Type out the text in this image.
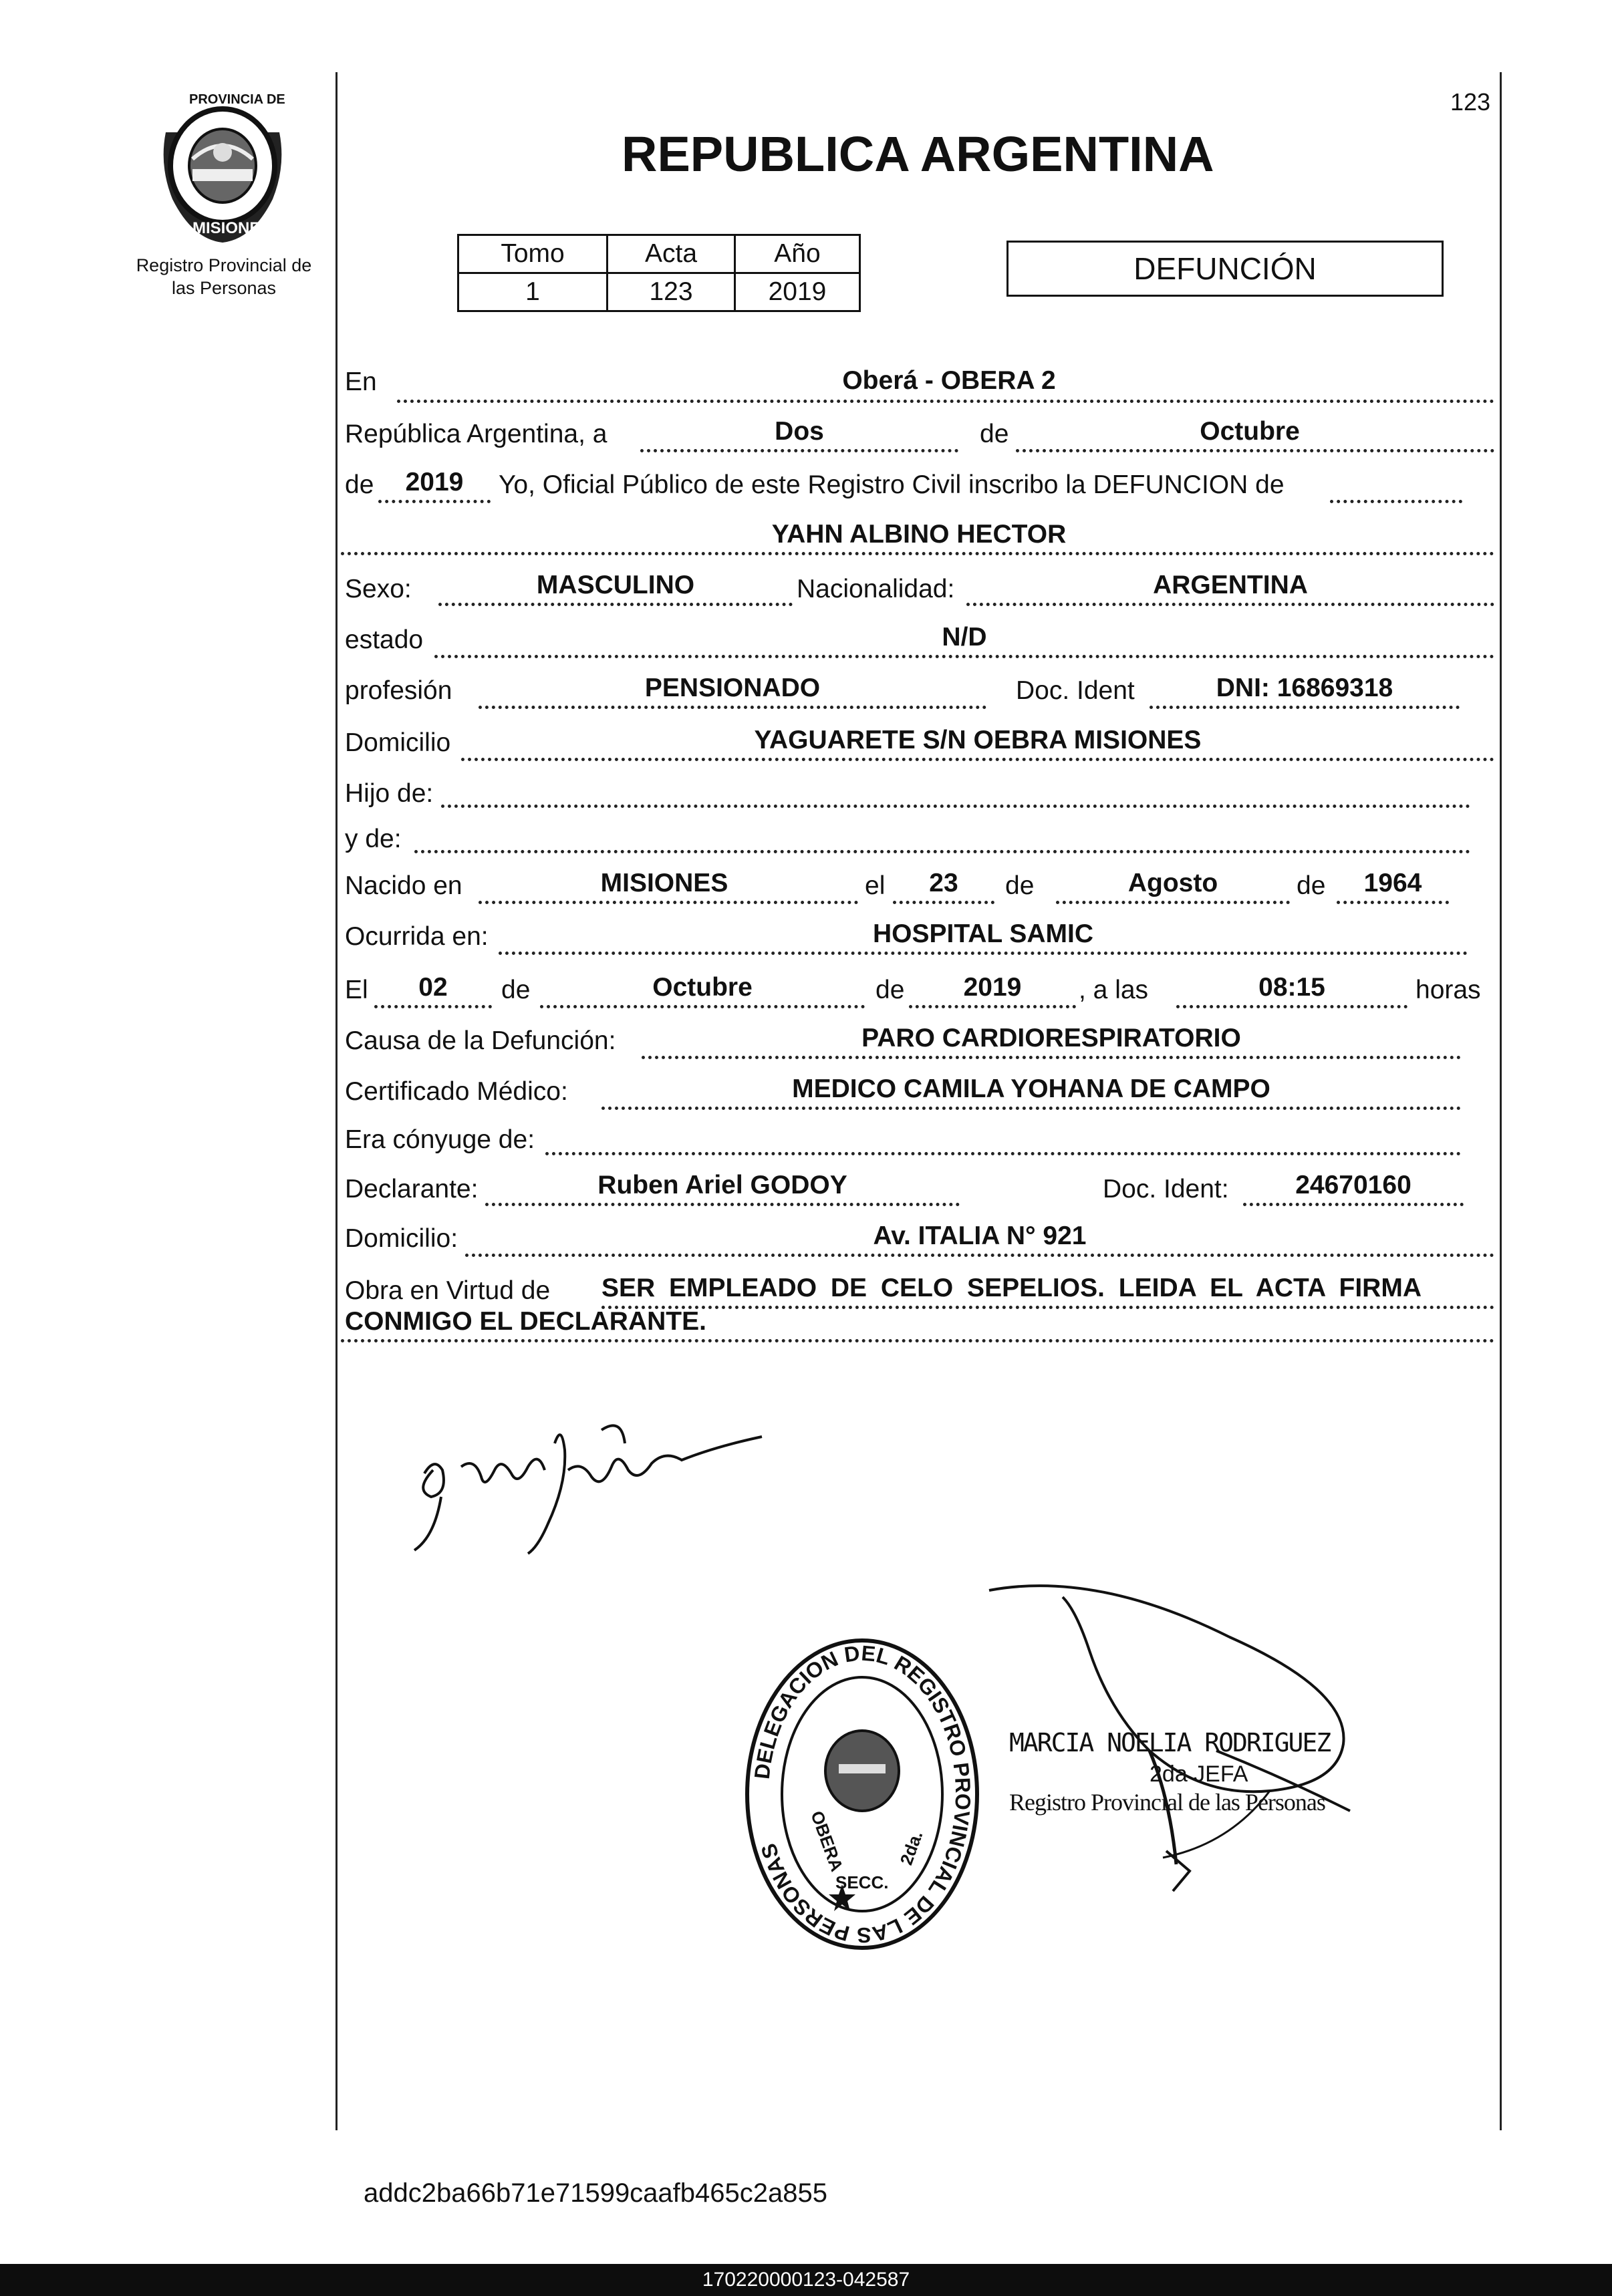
PROVINCIA DE
MISIONES
Registro Provincial de
las Personas
123
REPUBLICA ARGENTINA
Tomo	Acta	Año
1	123	2019
DEFUNCIÓN
En	Oberá - OBERA 2
República Argentina, a	Dos	de	Octubre
de	2019	Yo, Oficial Público de este Registro Civil inscribo la DEFUNCION de
YAHN ALBINO HECTOR
Sexo:	MASCULINO	Nacionalidad:	ARGENTINA
estado	N/D
profesión	PENSIONADO	Doc. Ident	DNI: 16869318
Domicilio	YAGUARETE S/N OEBRA MISIONES
Hijo de:
y de:
Nacido en	MISIONES	el	23	de	Agosto	de	1964
Ocurrida en:	HOSPITAL SAMIC
El	02	de	Octubre	de	2019	, a las	08:15	horas
Causa de la Defunción:	PARO CARDIORESPIRATORIO
Certificado Médico:	MEDICO CAMILA YOHANA DE CAMPO
Era cónyuge de:
Declarante:	Ruben Ariel GODOY	Doc. Ident:	24670160
Domicilio:	Av. ITALIA N° 921
Obra en Virtud de SER EMPLEADO DE CELO SEPELIOS. LEIDA EL ACTA FIRMA
CONMIGO EL DECLARANTE.
DELEGACION DEL REGISTRO PROVINCIAL DE LAS PERSONAS	OBERA	2da.
SECC.
MARCIA NOELIA RODRIGUEZ
2da JEFA
Registro Provincial de las Personas
addc2ba66b71e71599caafb465c2a855
170220000123-042587
